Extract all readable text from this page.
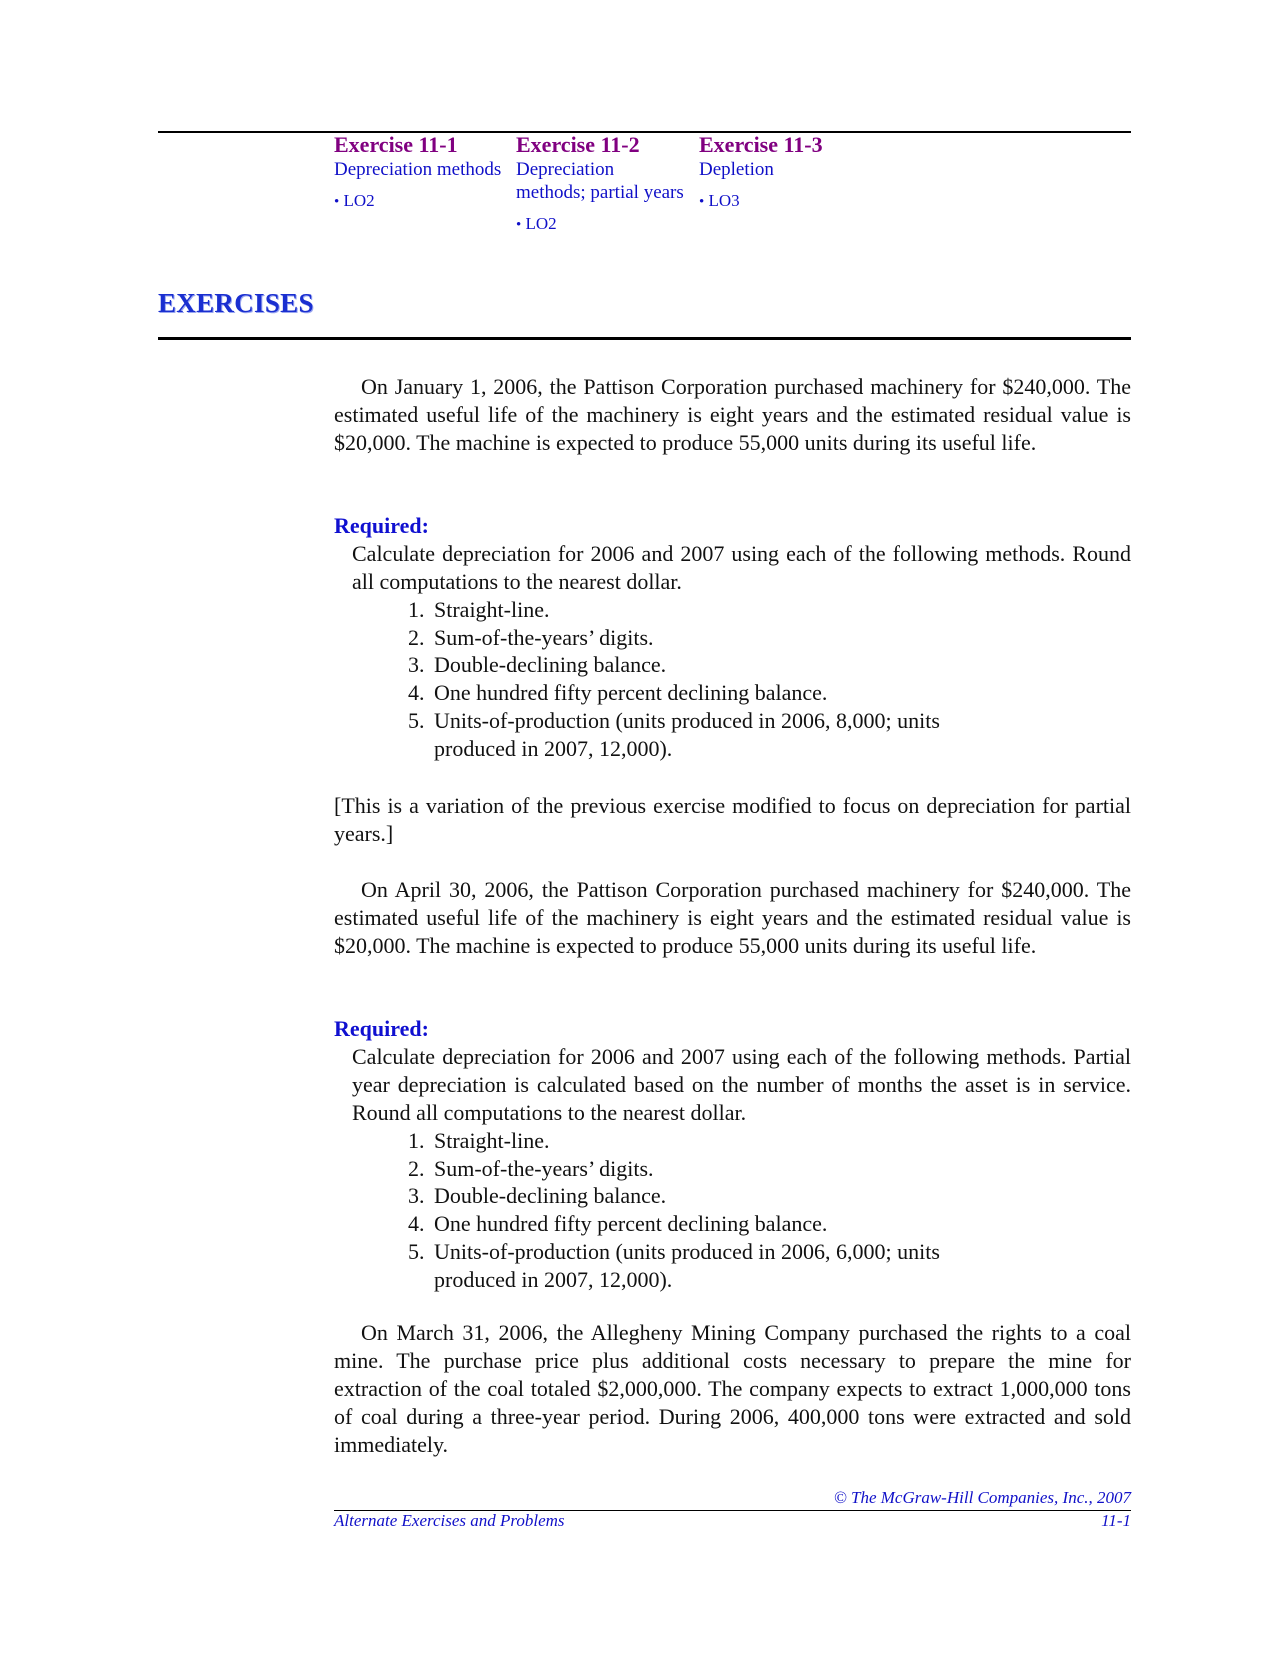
Exercise 11-1
Depreciation methods
• LO2
Exercise 11-2
Depreciation methods; partial years
• LO2
Exercise 11-3
Depletion
• LO3
EXERCISES
On January 1, 2006, the Pattison Corporation purchased machinery for $240,000. The estimated useful life of the machinery is eight years and the estimated residual value is $20,000. The machine is expected to produce 55,000 units during its useful life.
Required:
Calculate depreciation for 2006 and 2007 using each of the following methods. Round all computations to the nearest dollar.
1. Straight-line.
2. Sum-of-the-years’ digits.
3. Double-declining balance.
4. One hundred fifty percent declining balance.
5. Units-of-production (units produced in 2006, 8,000; units produced in 2007, 12,000).
[This is a variation of the previous exercise modified to focus on depreciation for partial years.]
On April 30, 2006, the Pattison Corporation purchased machinery for $240,000. The estimated useful life of the machinery is eight years and the estimated residual value is $20,000. The machine is expected to produce 55,000 units during its useful life.
Required:
Calculate depreciation for 2006 and 2007 using each of the following methods. Partial year depreciation is calculated based on the number of months the asset is in service. Round all computations to the nearest dollar.
1. Straight-line.
2. Sum-of-the-years’ digits.
3. Double-declining balance.
4. One hundred fifty percent declining balance.
5. Units-of-production (units produced in 2006, 6,000; units produced in 2007, 12,000).
On March 31, 2006, the Allegheny Mining Company purchased the rights to a coal mine. The purchase price plus additional costs necessary to prepare the mine for extraction of the coal totaled $2,000,000. The company expects to extract 1,000,000 tons of coal during a three-year period. During 2006, 400,000 tons were extracted and sold immediately.
© The McGraw-Hill Companies, Inc., 2007
Alternate Exercises and Problems	11-1
